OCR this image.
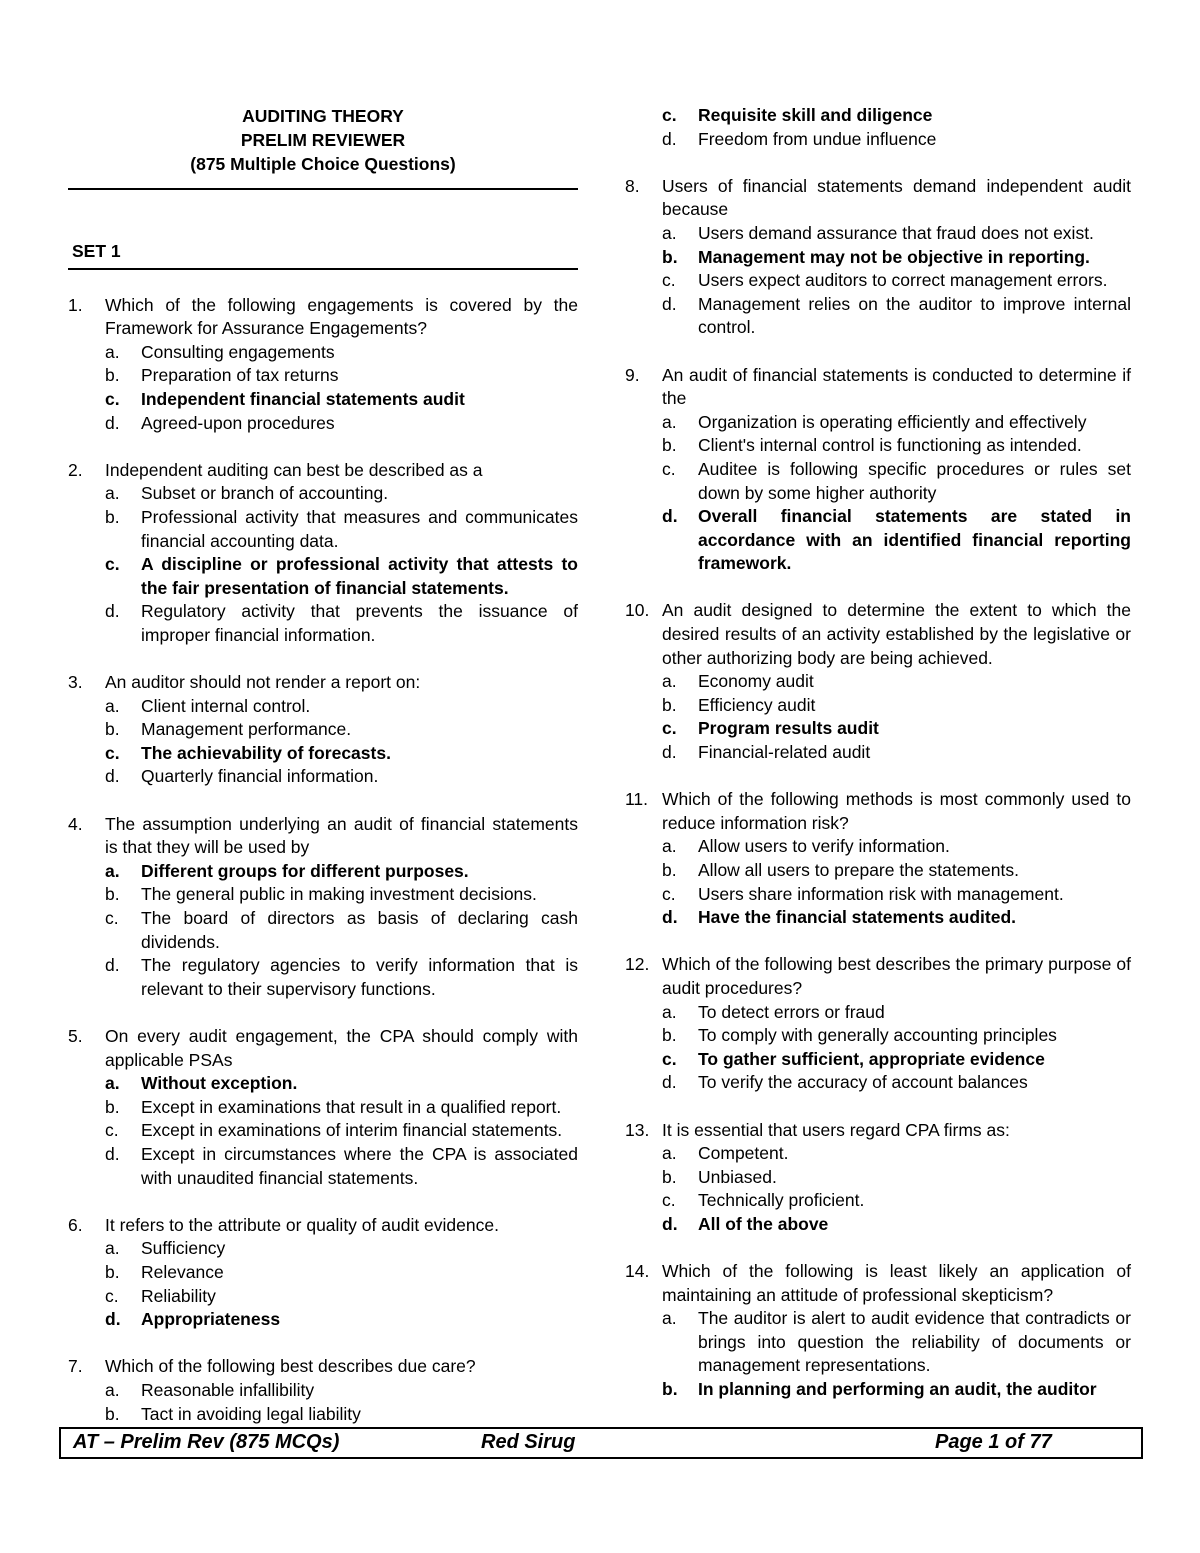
AUDITING THEORY
PRELIM REVIEWER
(875 Multiple Choice Questions)
SET 1
1.	Which of the following engagements is covered by the Framework for Assurance Engagements?
a.	Consulting engagements
b.	Preparation of tax returns
c.	Independent financial statements audit
d.	Agreed-upon procedures
2.	Independent auditing can best be described as a
a.	Subset or branch of accounting.
b.	Professional activity that measures and communicates financial accounting data.
c.	A discipline or professional activity that attests to the fair presentation of financial statements.
d.	Regulatory activity that prevents the issuance of improper financial information.
3.	An auditor should not render a report on:
a.	Client internal control.
b.	Management performance.
c.	The achievability of forecasts.
d.	Quarterly financial information.
4.	The assumption underlying an audit of financial statements is that they will be used by
a.	Different groups for different purposes.
b.	The general public in making investment decisions.
c.	The board of directors as basis of declaring cash dividends.
d.	The regulatory agencies to verify information that is relevant to their supervisory functions.
5.	On every audit engagement, the CPA should comply with applicable PSAs
a.	Without exception.
b.	Except in examinations that result in a qualified report.
c.	Except in examinations of interim financial statements.
d.	Except in circumstances where the CPA is associated with unaudited financial statements.
6.	It refers to the attribute or quality of audit evidence.
a.	Sufficiency
b.	Relevance
c.	Reliability
d.	Appropriateness
7.	Which of the following best describes due care?
a.	Reasonable infallibility
b.	Tact in avoiding legal liability
c.	Requisite skill and diligence
d.	Freedom from undue influence
8.	Users of financial statements demand independent audit because
a.	Users demand assurance that fraud does not exist.
b.	Management may not be objective in reporting.
c.	Users expect auditors to correct management errors.
d.	Management relies on the auditor to improve internal control.
9.	An audit of financial statements is conducted to determine if the
a.	Organization is operating efficiently and effectively
b.	Client's internal control is functioning as intended.
c.	Auditee is following specific procedures or rules set down by some higher authority
d.	Overall financial statements are stated in accordance with an identified financial reporting framework.
10. An audit designed to determine the extent to which the desired results of an activity established by the legislative or other authorizing body are being achieved.
a.	Economy audit
b.	Efficiency audit
c.	Program results audit
d.	Financial-related audit
11. Which of the following methods is most commonly used to reduce information risk?
a.	Allow users to verify information.
b.	Allow all users to prepare the statements.
c.	Users share information risk with management.
d.	Have the financial statements audited.
12. Which of the following best describes the primary purpose of audit procedures?
a.	To detect errors or fraud
b.	To comply with generally accounting principles
c.	To gather sufficient, appropriate evidence
d.	To verify the accuracy of account balances
13. It is essential that users regard CPA firms as:
a.	Competent.
b.	Unbiased.
c.	Technically proficient.
d.	All of the above
14. Which of the following is least likely an application of maintaining an attitude of professional skepticism?
a.	The auditor is alert to audit evidence that contradicts or brings into question the reliability of documents or management representations.
b.	In planning and performing an audit, the auditor
AT – Prelim Rev (875 MCQs)	Red Sirug	Page 1 of 77
